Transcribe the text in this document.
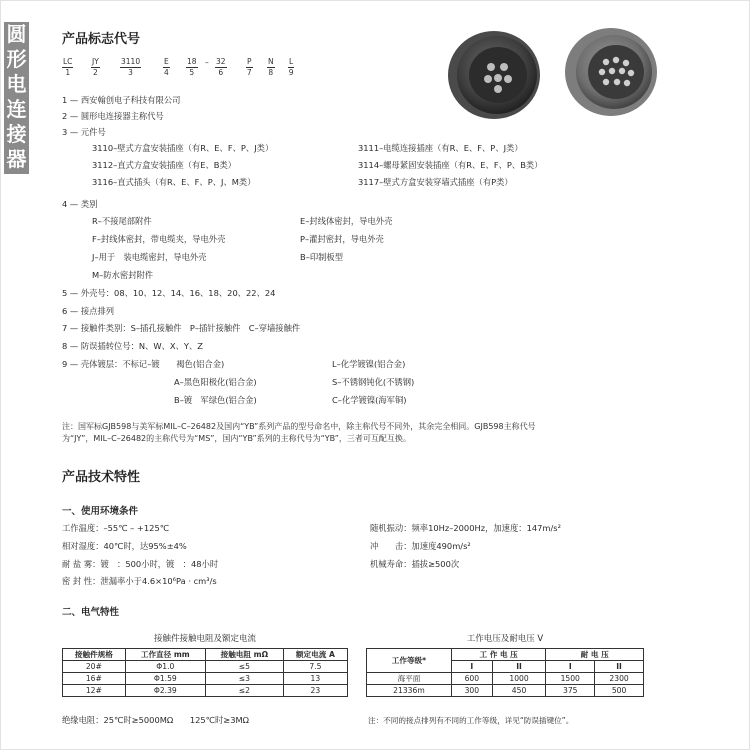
圆
形
电
连
接
器
产品标志代号
LC
1
JY
2
3110
3
E
4
18
5
– 32
6
P
7
N
8
L
9
1 — 西安翰创电子科技有限公司
2 — 圆形电连接器主称代号
3 — 元件号
3110–壁式方盒安装插座（有R、E、F、P、J类）	3111–电缆连接插座（有R、E、F、P、J类）
3112–直式方盒安装插座（有E、B类）	3114–螺母紧固安装插座（有R、E、F、P、B类）
3116–直式插头（有R、E、F、P、J、M类）	3117–壁式方盒安装穿墙式插座（有P类）
4 — 类别
R–不接尾部附件	E–封线体密封，导电外壳
F–封线体密封，带电缆夹，导电外壳	P–灌封密封，导电外壳
J–用于　装电缆密封，导电外壳	B–印制板型
M–防水密封附件
5 — 外壳号：08、10、12、14、16、18、20、22、24
6 — 接点排列
7 — 接触件类别：S–插孔接触件　P–插针接触件　C–穿墙接触件
8 — 防误插转位号：N、W、X、Y、Z
9 — 壳体镀层：不标记–镀　　褐色(铝合金)	L–化学镀镍(铝合金)
A–黑色阳极化(铝合金)	S–不锈钢钝化(不锈钢)
B–镀　军绿色(铝合金)	C–化学镀镍(海军铜)
注：国军标GJB598与美军标MIL–C–26482及国内“YB”系列产品的型号命名中，除主称代号不同外，其余完全相同。GJB598主称代号
为“JY”，MIL–C–26482的主称代号为“MS”，国内“YB”系列的主称代号为“YB”，三者可互配互换。
产品技术特性
一、使用环境条件
工作温度：–55℃ – +125℃
相对湿度：40℃时，达95%±4%
耐 盐 雾：镀　：500小时，镀　：48小时
密 封 性：泄漏率小于4.6×10⁶Pa · cm³/s
随机振动：频率10Hz–2000Hz，加速度：147m/s²
冲　　击：加速度490m/s²
机械寿命：插拔≥500次
二、电气特性
接触件接触电阻及额定电流
接触件规格	工作直径 mm	接触电阻 mΩ	额定电流 A
20#	Φ1.0	≤5	7.5
16#	Φ1.59	≤3	13
12#	Φ2.39	≤2	23
工作电压及耐电压 V
工作等级*	工 作 电 压		耐 电 压	
	I	II	I	II
海平面	600	1000	1500	2300
21336m	300	450	375	500
绝缘电阻：25℃时≥5000MΩ　　125℃时≥3MΩ	注：不同的接点排列有不同的工作等级，详见“防误插键位”。
